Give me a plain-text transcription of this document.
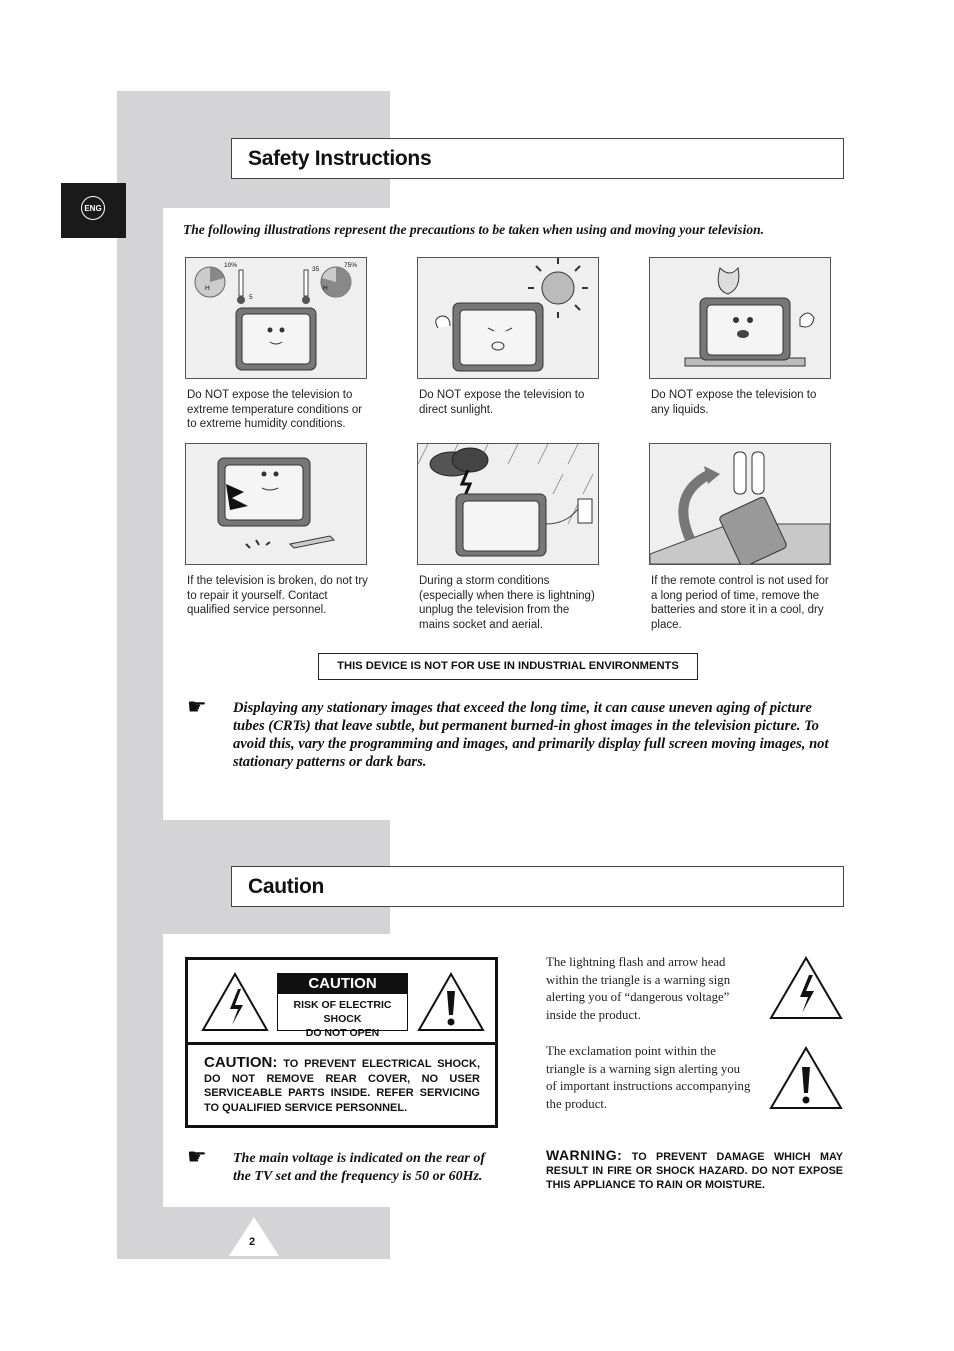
ENG
Safety Instructions
The following illustrations represent the precautions to be taken when using and moving your television.
10%	75%
5
35
H	H
Do NOT expose the television to extreme temperature conditions or to extreme humidity conditions.
Do NOT expose the television to direct sunlight.
Do NOT expose the television to any liquids.
If the television is broken, do not try to repair it yourself. Contact qualified service personnel.
During a storm conditions (especially when there is lightning) unplug the television from the mains socket and aerial.
If the remote control is not used for a long period of time, remove the batteries and store it in a cool, dry place.
THIS DEVICE IS NOT FOR USE IN INDUSTRIAL ENVIRONMENTS
☛ Displaying any stationary images that exceed the long time, it can cause uneven aging of picture tubes (CRTs) that leave subtle, but permanent burned-in ghost images in the television picture. To avoid this, vary the programming and images, and primarily display full screen moving images, not stationary patterns or dark bars.
Caution
CAUTION
RISK OF ELECTRIC SHOCK
DO NOT OPEN
CAUTION: TO PREVENT ELECTRICAL SHOCK, DO NOT REMOVE REAR COVER, NO USER SERVICEABLE PARTS INSIDE. REFER SERVICING TO QUALIFIED SERVICE PERSONNEL.
☛ The main voltage is indicated on the rear of the TV set and the frequency is 50 or 60Hz.
The lightning flash and arrow head within the triangle is a warning sign alerting you of “dangerous voltage” inside the product.
The exclamation point within the triangle is a warning sign alerting you of important instructions accompanying the product.
WARNING: TO PREVENT DAMAGE WHICH MAY RESULT IN FIRE OR SHOCK HAZARD. DO NOT EXPOSE THIS APPLIANCE TO RAIN OR MOISTURE.
2
